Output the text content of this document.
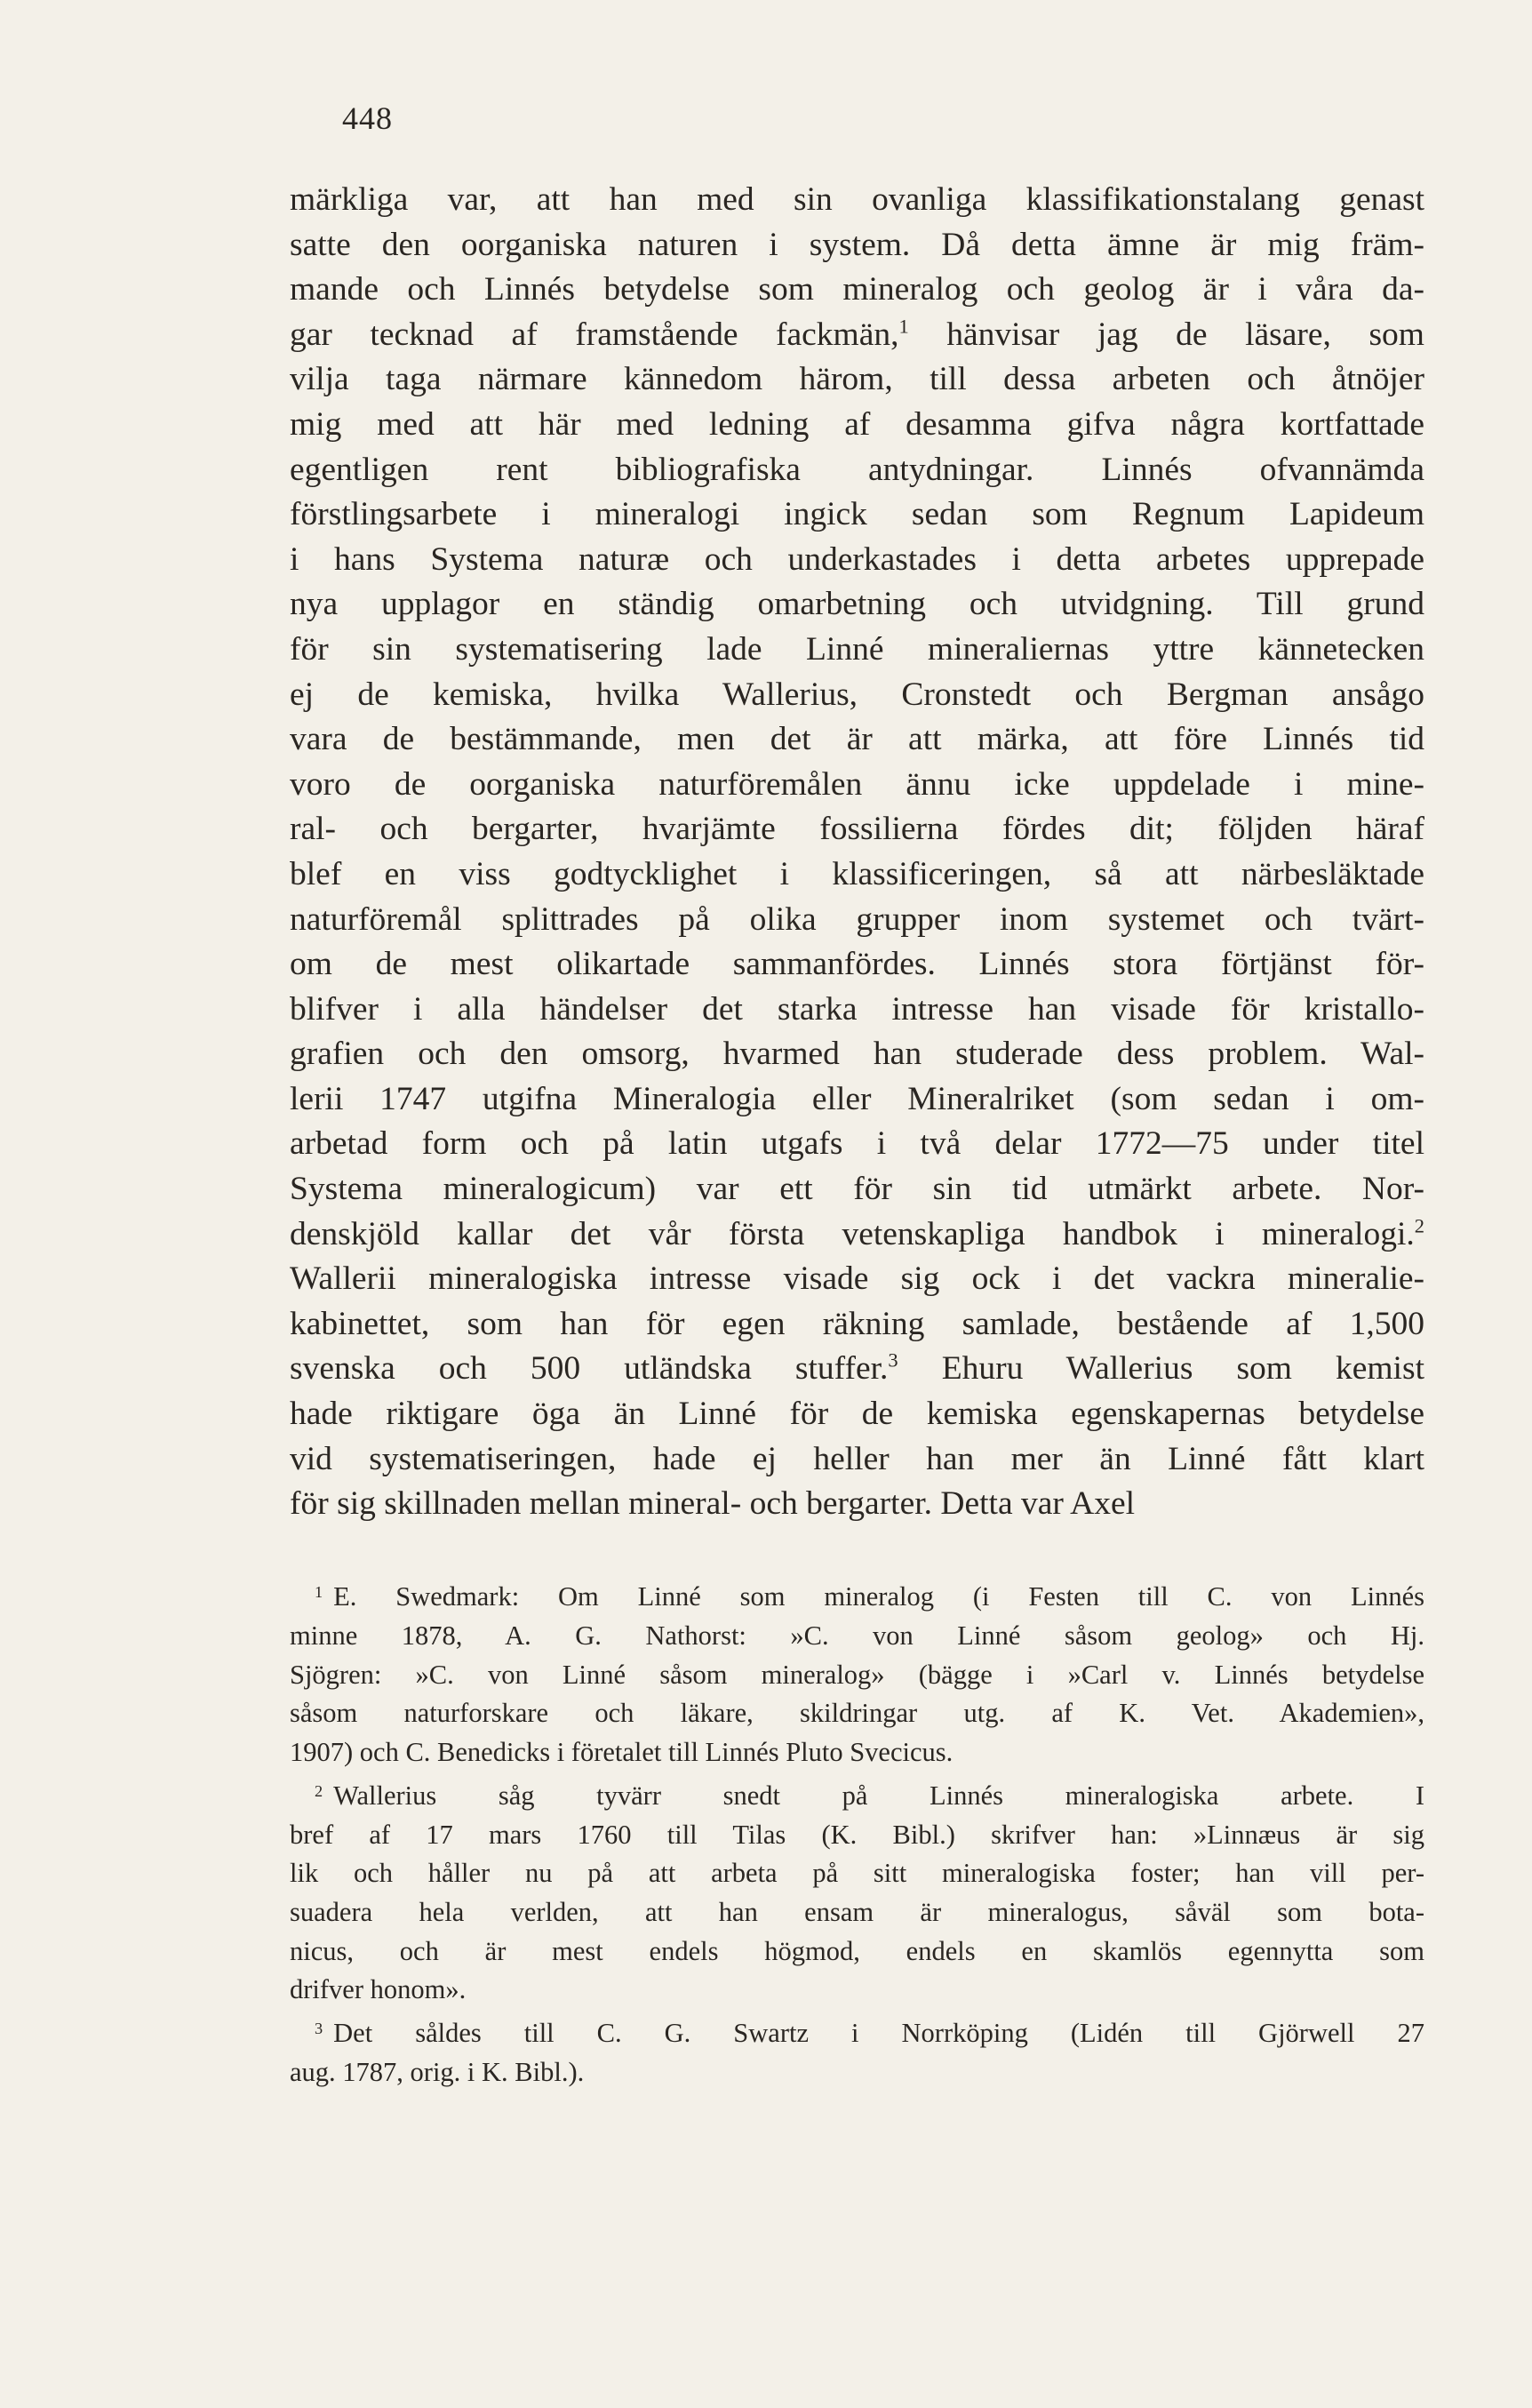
448
märkliga var, att han med sin ovanliga klassifikationstalang genast
satte den oorganiska naturen i system. Då detta ämne är mig främ-
mande och Linnés betydelse som mineralog och geolog är i våra da-
gar tecknad af framstående fackmän,$^1$ hänvisar jag de läsare, som
vilja taga närmare kännedom härom, till dessa arbeten och åtnöjer
mig med att här med ledning af desamma gifva några kortfattade
egentligen rent bibliografiska antydningar. Linnés ofvannämda
förstlingsarbete i mineralogi ingick sedan som Regnum Lapideum
i hans Systema naturæ och underkastades i detta arbetes upprepade
nya upplagor en ständig omarbetning och utvidgning. Till grund
för sin systematisering lade Linné mineraliernas yttre kännetecken
ej de kemiska, hvilka Wallerius, Cronstedt och Bergman ansågo
vara de bestämmande, men det är att märka, att före Linnés tid
voro de oorganiska naturföremålen ännu icke uppdelade i mine-
ral- och bergarter, hvarjämte fossilierna fördes dit; följden häraf
blef en viss godtycklighet i klassificeringen, så att närbesläktade
naturföremål splittrades på olika grupper inom systemet och tvärt-
om de mest olikartade sammanfördes. Linnés stora förtjänst för-
blifver i alla händelser det starka intresse han visade för kristallo-
grafien och den omsorg, hvarmed han studerade dess problem. Wal-
lerii 1747 utgifna Mineralogia eller Mineralriket (som sedan i om-
arbetad form och på latin utgafs i två delar 1772—75 under titel
Systema mineralogicum) var ett för sin tid utmärkt arbete. Nor-
denskjöld kallar det vår första vetenskapliga handbok i mineralogi.$^2$
Wallerii mineralogiska intresse visade sig ock i det vackra mineralie-
kabinettet, som han för egen räkning samlade, bestående af 1,500
svenska och 500 utländska stuffer.$^3$ Ehuru Wallerius som kemist
hade riktigare öga än Linné för de kemiska egenskapernas betydelse
vid systematiseringen, hade ej heller han mer än Linné fått klart
för sig skillnaden mellan mineral- och bergarter. Detta var Axel
$^1$ E. Swedmark: Om Linné som mineralog (i Festen till C. von Linnés
minne 1878, A. G. Nathorst: »C. von Linné såsom geolog» och Hj.
Sjögren: »C. von Linné såsom mineralog» (bägge i »Carl v. Linnés betydelse
såsom naturforskare och läkare, skildringar utg. af K. Vet. Akademien»,
1907) och C. Benedicks i företalet till Linnés Pluto Svecicus.
$^2$ Wallerius såg tyvärr snedt på Linnés mineralogiska arbete. I
bref af 17 mars 1760 till Tilas (K. Bibl.) skrifver han: »Linnæus är sig
lik och håller nu på att arbeta på sitt mineralogiska foster; han vill per-
suadera hela verlden, att han ensam är mineralogus, såväl som bota-
nicus, och är mest endels högmod, endels en skamlös egennytta som
drifver honom».
$^3$ Det såldes till C. G. Swartz i Norrköping (Lidén till Gjörwell 27
aug. 1787, orig. i K. Bibl.).
